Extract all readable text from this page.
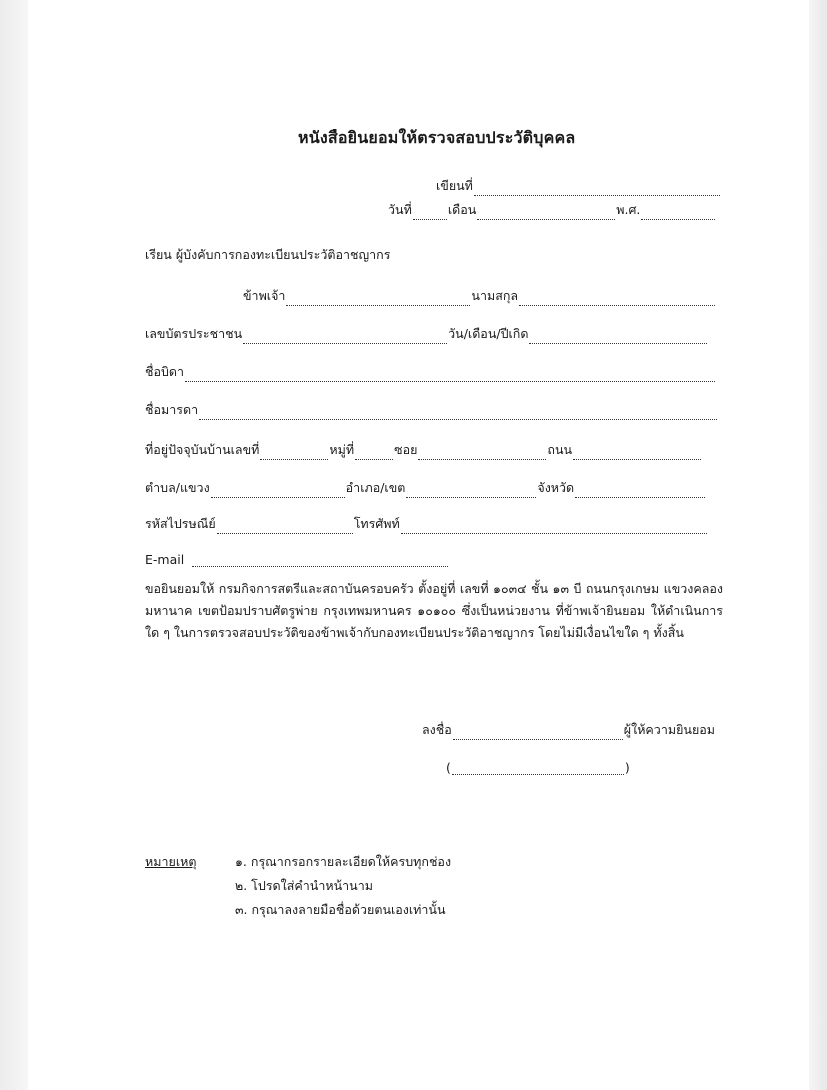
หนังสือยินยอมให้ตรวจสอบประวัติบุคคล
เขียนที่
วันที่	เดือน	พ.ศ.
เรียน ผู้บังคับการกองทะเบียนประวัติอาชญากร
ข้าพเจ้า	นามสกุล
เลขบัตรประชาชน	วัน/เดือน/ปีเกิด
ชื่อบิดา
ชื่อมารดา
ที่อยู่ปัจจุบันบ้านเลขที่	หมู่ที่	ซอย	ถนน
ตำบล/แขวง	อำเภอ/เขต	จังหวัด
รหัสไปรษณีย์	โทรศัพท์
E-mail
ขอยินยอมให้ กรมกิจการสตรีและสถาบันครอบครัว ตั้งอยู่ที่ เลขที่ ๑๐๓๔ ชั้น ๑๓ บี ถนนกรุงเกษม แขวงคลองมหานาค เขตป้อมปราบศัตรูพ่าย กรุงเทพมหานคร ๑๐๑๐๐ ซึ่งเป็นหน่วยงาน ที่ข้าพเจ้ายินยอม ให้ดำเนินการใด ๆ ในการตรวจสอบประวัติของข้าพเจ้ากับกองทะเบียนประวัติอาชญากร โดยไม่มีเงื่อนไขใด ๆ ทั้งสิ้น
ลงชื่อ	ผู้ให้ความยินยอม
(	)
หมายเหตุ	๑. กรุณากรอกรายละเอียดให้ครบทุกช่อง
๒. โปรดใส่คำนำหน้านาม
๓. กรุณาลงลายมือชื่อด้วยตนเองเท่านั้น
